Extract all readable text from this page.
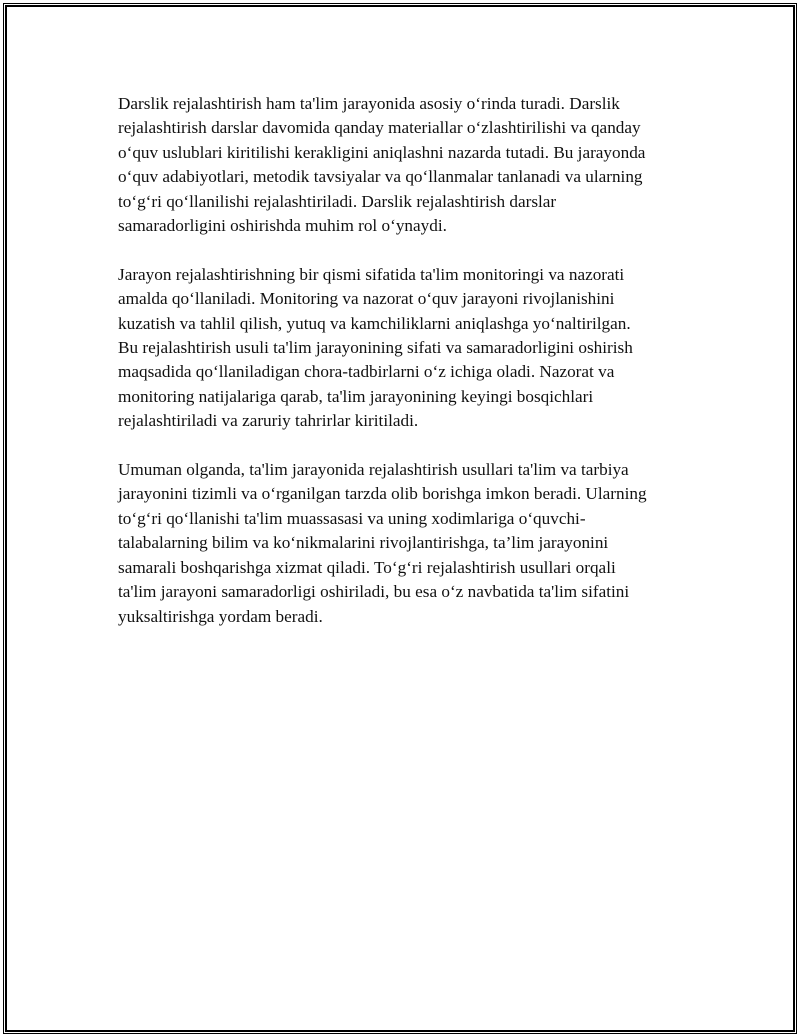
Darslik rejalashtirish ham ta'lim jarayonida asosiy oʻrinda turadi. Darslik
rejalashtirish darslar davomida qanday materiallar oʻzlashtirilishi va qanday
oʻquv uslublari kiritilishi kerakligini aniqlashni nazarda tutadi. Bu jarayonda
oʻquv adabiyotlari, metodik tavsiyalar va qoʻllanmalar tanlanadi va ularning
toʻgʻri qoʻllanilishi rejalashtiriladi. Darslik rejalashtirish darslar
samaradorligini oshirishda muhim rol oʻynaydi.

Jarayon rejalashtirishning bir qismi sifatida ta'lim monitoringi va nazorati
amalda qoʻllaniladi. Monitoring va nazorat oʻquv jarayoni rivojlanishini
kuzatish va tahlil qilish, yutuq va kamchiliklarni aniqlashga yoʻnaltirilgan.
Bu rejalashtirish usuli ta'lim jarayonining sifati va samaradorligini oshirish
maqsadida qoʻllaniladigan chora-tadbirlarni oʻz ichiga oladi. Nazorat va
monitoring natijalariga qarab, ta'lim jarayonining keyingi bosqichlari
rejalashtiriladi va zaruriy tahrirlar kiritiladi.

Umuman olganda, ta'lim jarayonida rejalashtirish usullari ta'lim va tarbiya
jarayonini tizimli va oʻrganilgan tarzda olib borishga imkon beradi. Ularning
toʻgʻri qoʻllanishi ta'lim muassasasi va uning xodimlariga oʻquvchi-
talabalarning bilim va koʻnikmalarini rivojlantirishga, ta’lim jarayonini
samarali boshqarishga xizmat qiladi. Toʻgʻri rejalashtirish usullari orqali
ta'lim jarayoni samaradorligi oshiriladi, bu esa oʻz navbatida ta'lim sifatini
yuksaltirishga yordam beradi.
